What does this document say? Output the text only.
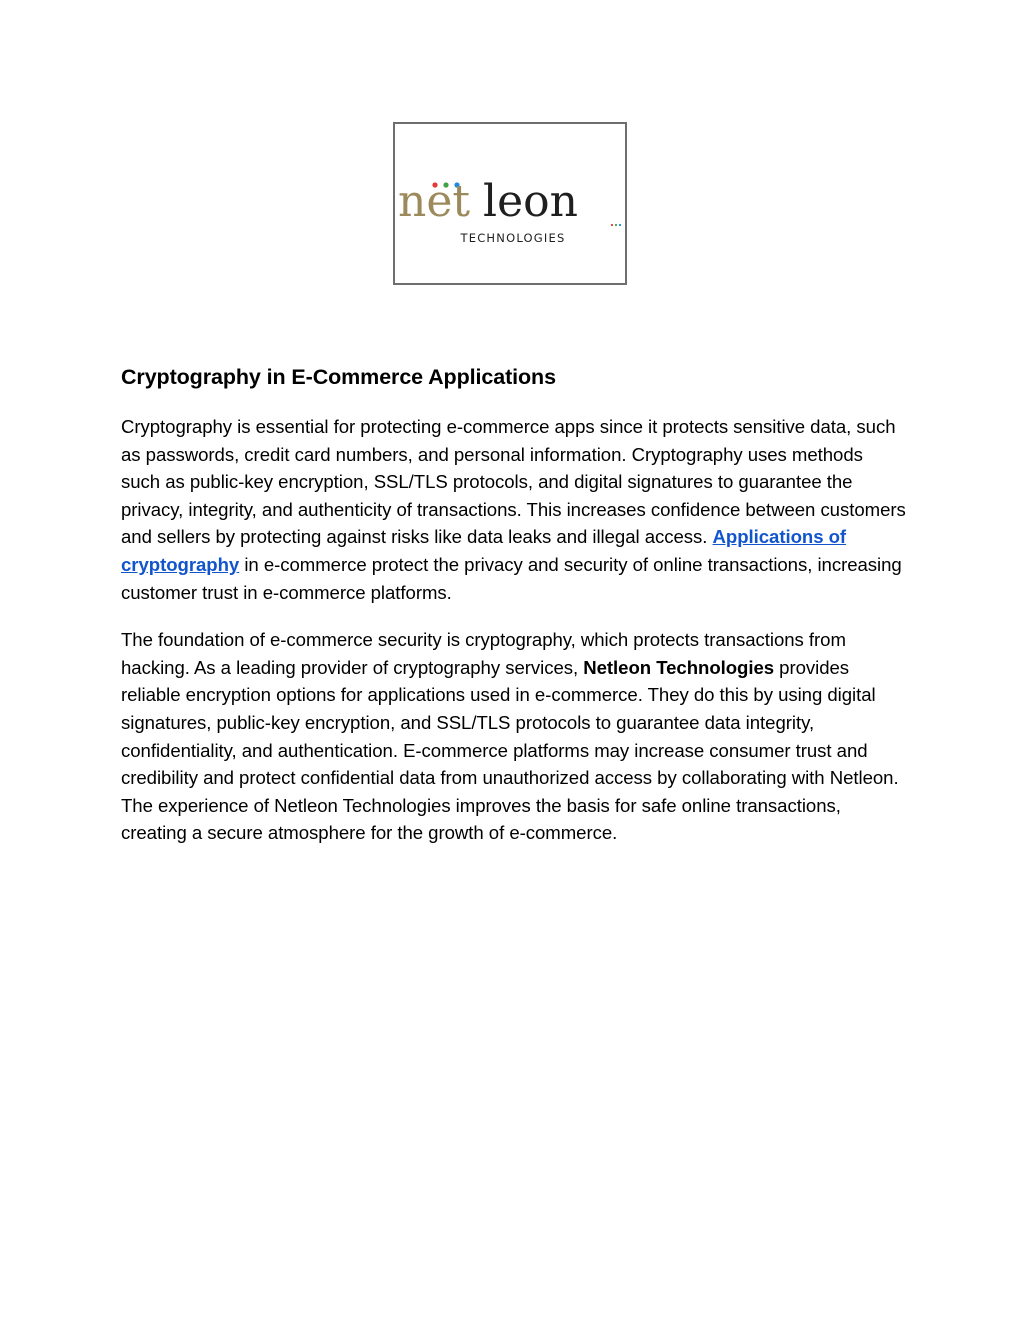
net leon
TECHNOLOGIES
Cryptography in E-Commerce Applications

Cryptography is essential for protecting e-commerce apps since it protects sensitive data, such as passwords, credit card numbers, and personal information. Cryptography uses methods such as public-key encryption, SSL/TLS protocols, and digital signatures to guarantee the privacy, integrity, and authenticity of transactions. This increases confidence between customers and sellers by protecting against risks like data leaks and illegal access. Applications of cryptography in e-commerce protect the privacy and security of online transactions, increasing customer trust in e-commerce platforms.

The foundation of e-commerce security is cryptography, which protects transactions from hacking. As a leading provider of cryptography services, Netleon Technologies provides reliable encryption options for applications used in e-commerce. They do this by using digital signatures, public-key encryption, and SSL/TLS protocols to guarantee data integrity, confidentiality, and authentication. E-commerce platforms may increase consumer trust and credibility and protect confidential data from unauthorized access by collaborating with Netleon. The experience of Netleon Technologies improves the basis for safe online transactions, creating a secure atmosphere for the growth of e-commerce.
